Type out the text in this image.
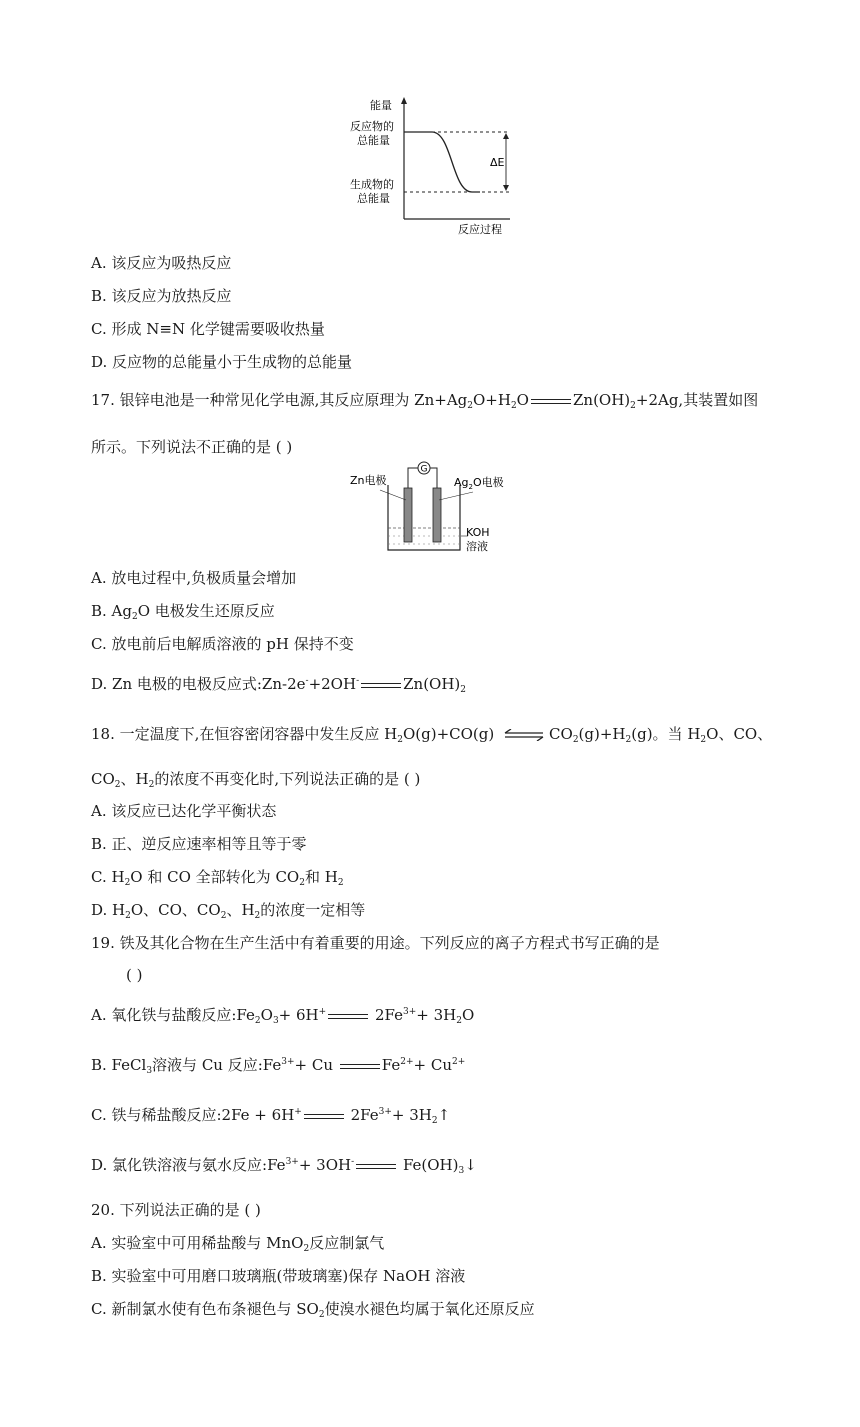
能量
反应物的
总能量
生成物的
总能量
ΔE
反应过程
A. 该反应为吸热反应
B. 该反应为放热反应
C. 形成 N≡N 化学键需要吸收热量
D. 反应物的总能量小于生成物的总能量
17. 银锌电池是一种常见化学电源,其反应原理为 $Zn+Ag_2O+H_2O$	$Zn(OH)_2+2Ag$,其装置如图
所示。下列说法不正确的是 ( )
Zn电极	$Ag_2O$电极
G
KOH
溶液
A. 放电过程中,负极质量会增加
B. $Ag_2O$ 电极发生还原反应
C. 放电前后电解质溶液的 pH 保持不变
D. Zn 电极的电极反应式:Zn-2e-+2OH-	$Zn(OH)_2$
18. 一定温度下,在恒容密闭容器中发生反应 $H_2O(g)+CO(g)$ ⇌ $CO_2(g)+H_2(g)$。当 $H_2O$、CO、
$CO_2$、$H_2$的浓度不再变化时,下列说法正确的是 ( )
A. 该反应已达化学平衡状态
B. 正、逆反应速率相等且等于零
C. $H_2O$ 和 CO 全部转化为 $CO_2$和 $H_2$
D. $H_2O$、CO、$CO_2$、$H_2$的浓度一定相等
19. 铁及其化合物在生产生活中有着重要的用途。下列反应的离子方程式书写正确的是
( )
A. 氧化铁与盐酸反应$:Fe_2O_3+ 6H^+$	$2Fe^{3+}+ 3H_2O$
B. FeCl$_3$溶液与 Cu 反应$:Fe^{3+}+ Cu$	$Fe^{2+}+ Cu^{2+}$
C. 铁与稀盐酸反应:2Fe + 6H+	$2Fe^{3+}+$ $3H_2↑$
D. 氯化铁溶液与氨水反应$:Fe^{3+}+ 3OH^-$	$Fe(OH)_3↓$
20. 下列说法正确的是 ( )
A. 实验室中可用稀盐酸与 MnO$_2$反应制氯气
B. 实验室中可用磨口玻璃瓶(带玻璃塞)保存 NaOH 溶液
C. 新制氯水使有色布条褪色与 $SO_2$使溴水褪色均属于氧化还原反应
